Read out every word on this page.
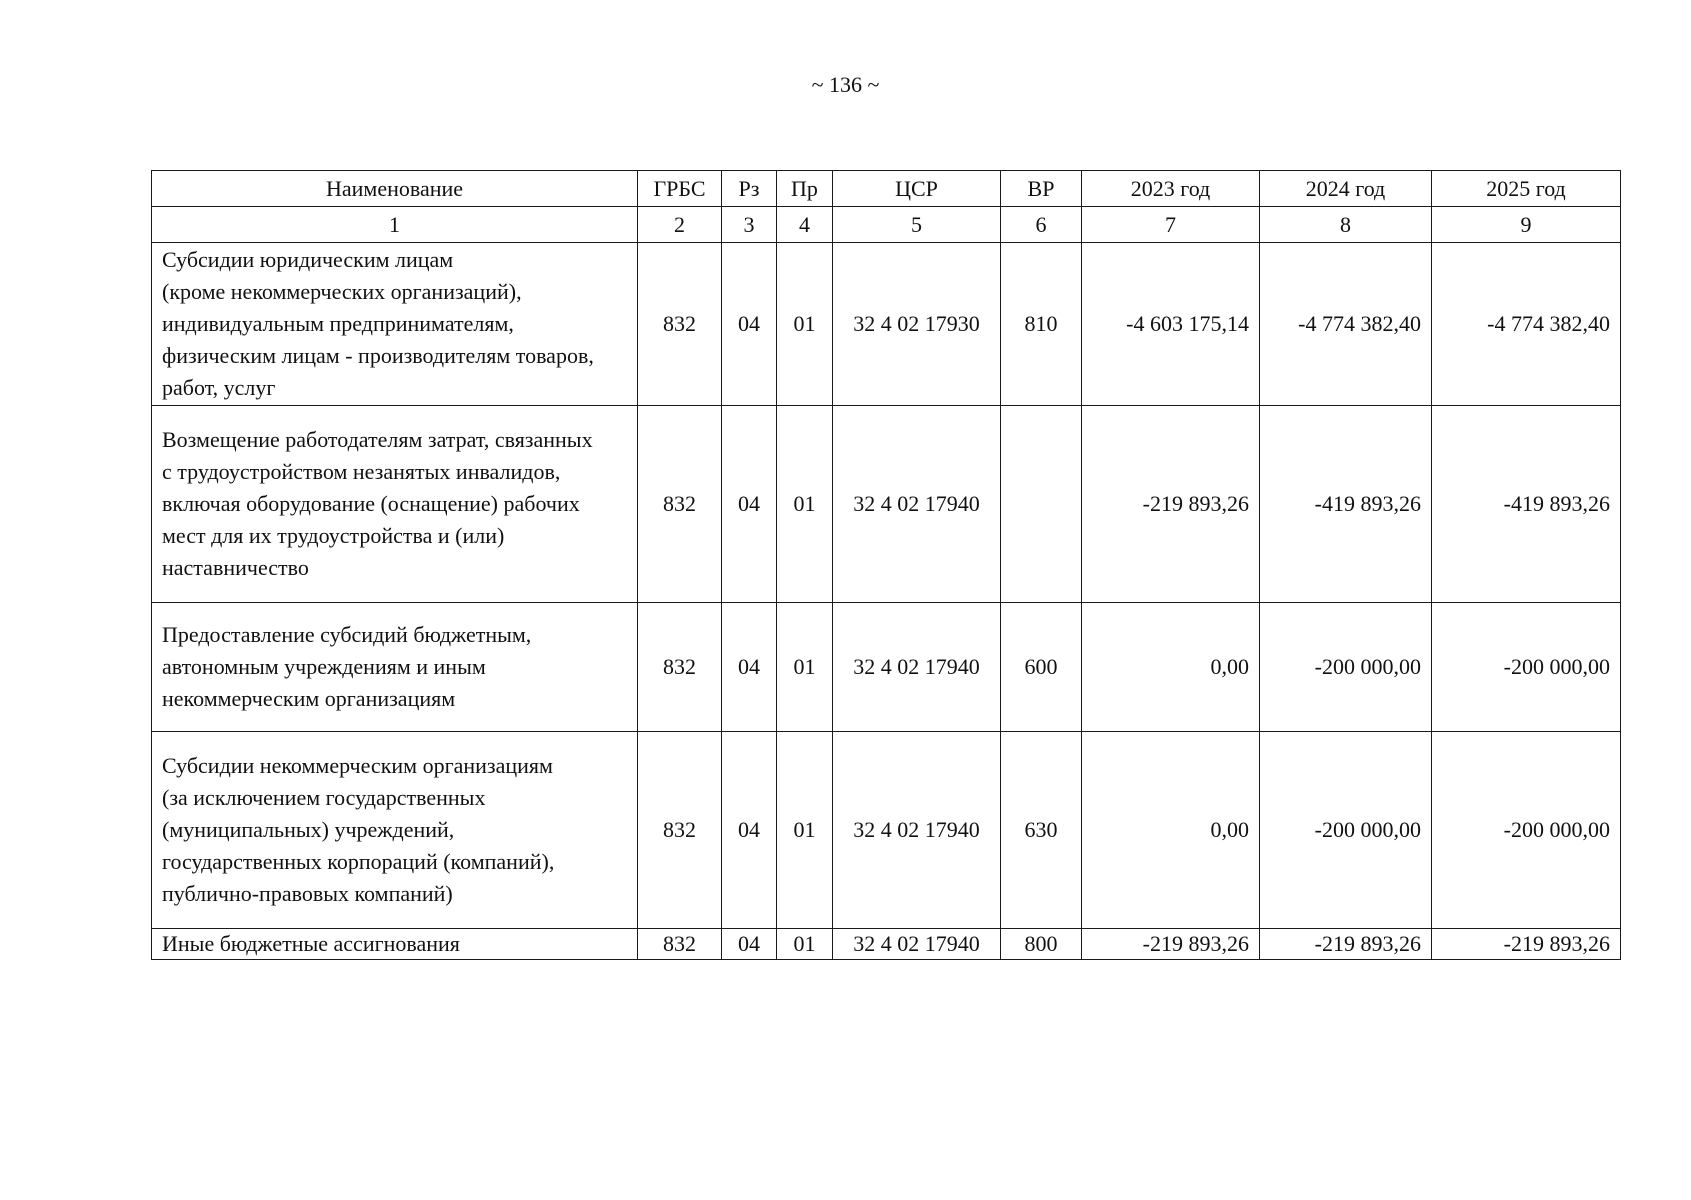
~ 136 ~
Наименование	ГРБС	Рз	Пр	ЦСР	ВР	2023 год	2024 год	2025 год
1	2	3	4	5	6	7	8	9
Субсидии юридическим лицам
(кроме некоммерческих организаций),
индивидуальным предпринимателям,
физическим лицам - производителям товаров,
работ, услуг	832	04	01	32 4 02 17930	810	-4 603 175,14	-4 774 382,40	-4 774 382,40
Возмещение работодателям затрат, связанных
с трудоустройством незанятых инвалидов,
включая оборудование (оснащение) рабочих
мест для их трудоустройства и (или)
наставничество	832	04	01	32 4 02 17940		-219 893,26	-419 893,26	-419 893,26
Предоставление субсидий бюджетным,
автономным учреждениям и иным
некоммерческим организациям	832	04	01	32 4 02 17940	600	0,00	-200 000,00	-200 000,00
Субсидии некоммерческим организациям
(за исключением государственных
(муниципальных) учреждений,
государственных корпораций (компаний),
публично-правовых компаний)	832	04	01	32 4 02 17940	630	0,00	-200 000,00	-200 000,00
Иные бюджетные ассигнования	832	04	01	32 4 02 17940	800	-219 893,26	-219 893,26	-219 893,26
